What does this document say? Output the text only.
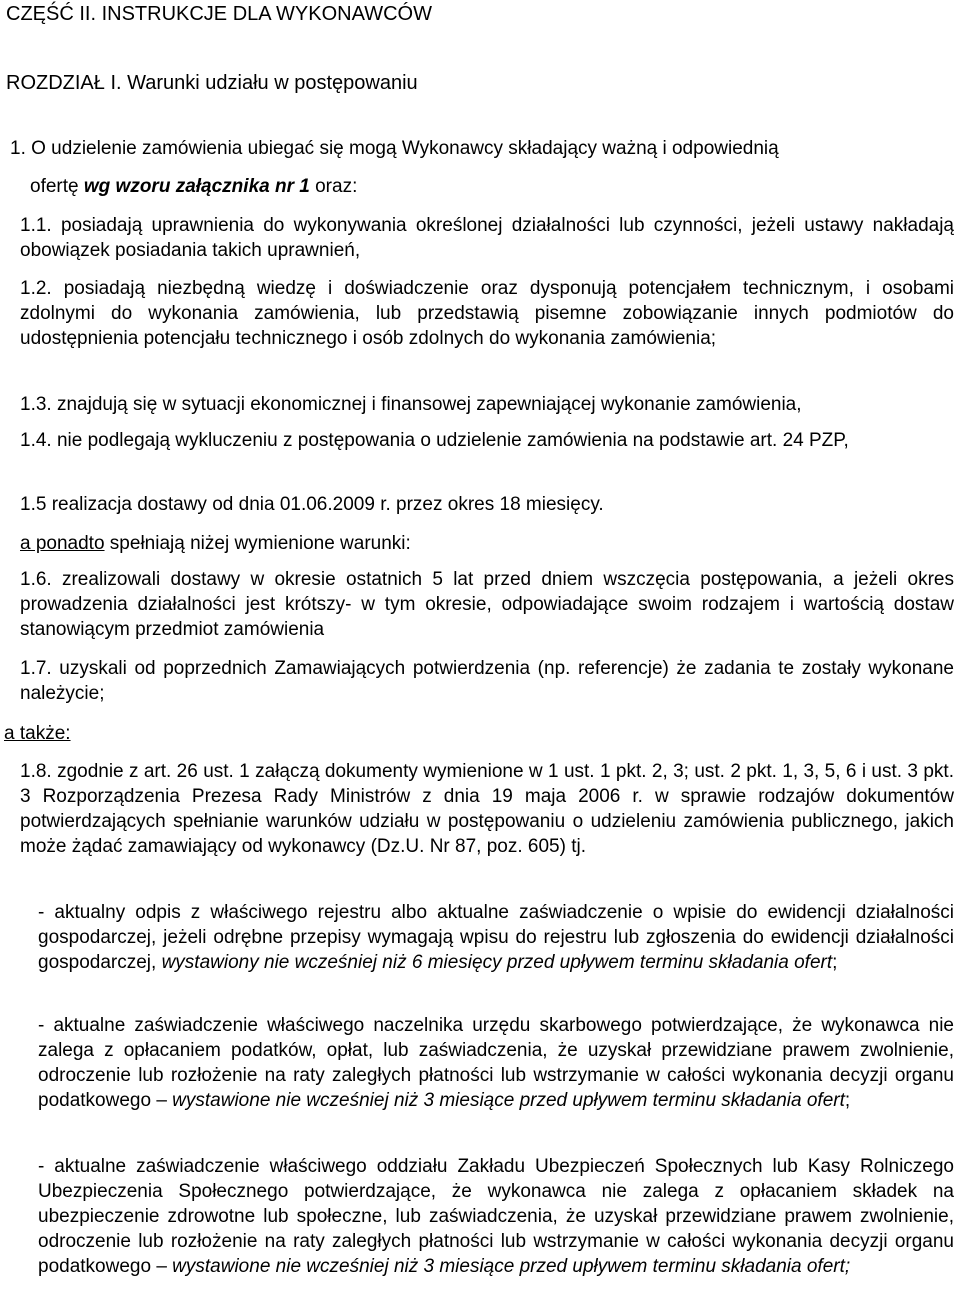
CZĘŚĆ II. INSTRUKCJE DLA WYKONAWCÓW
ROZDZIAŁ I. Warunki udziału w postępowaniu
1. O udzielenie zamówienia ubiegać się mogą Wykonawcy składający ważną i odpowiednią
ofertę wg wzoru załącznika nr 1 oraz:
1.1. posiadają uprawnienia do wykonywania określonej działalności lub czynności, jeżeli ustawy nakładają obowiązek posiadania takich uprawnień,
1.2. posiadają niezbędną wiedzę i doświadczenie oraz dysponują potencjałem technicznym, i osobami zdolnymi do wykonania zamówienia, lub przedstawią pisemne zobowiązanie innych podmiotów do udostępnienia potencjału technicznego i osób zdolnych do wykonania zamówienia;
1.3. znajdują się w sytuacji ekonomicznej i finansowej zapewniającej wykonanie zamówienia,
1.4. nie podlegają wykluczeniu z postępowania o udzielenie zamówienia na podstawie art. 24 PZP,
1.5 realizacja dostawy od dnia 01.06.2009 r. przez okres 18 miesięcy.
a ponadto spełniają niżej wymienione warunki:
1.6. zrealizowali dostawy w okresie ostatnich 5 lat przed dniem wszczęcia postępowania, a jeżeli okres prowadzenia działalności jest krótszy- w tym okresie, odpowiadające swoim rodzajem i wartością dostaw stanowiącym przedmiot zamówienia
1.7. uzyskali od poprzednich Zamawiających potwierdzenia (np. referencje) że zadania te zostały wykonane należycie;
a także:
1.8. zgodnie z art. 26 ust. 1 załączą dokumenty wymienione w 1 ust. 1 pkt. 2, 3; ust. 2 pkt. 1, 3, 5, 6 i ust. 3 pkt. 3 Rozporządzenia Prezesa Rady Ministrów z dnia 19 maja 2006 r. w sprawie rodzajów dokumentów potwierdzających spełnianie warunków udziału w postępowaniu o udzieleniu zamówienia publicznego, jakich może żądać zamawiający od wykonawcy (Dz.U. Nr 87, poz. 605) tj.
- aktualny odpis z właściwego rejestru albo aktualne zaświadczenie o wpisie do ewidencji działalności gospodarczej, jeżeli odrębne przepisy wymagają wpisu do rejestru lub zgłoszenia do ewidencji działalności gospodarczej, wystawiony nie wcześniej niż 6 miesięcy przed upływem terminu składania ofert;
- aktualne zaświadczenie właściwego naczelnika urzędu skarbowego potwierdzające, że wykonawca nie zalega z opłacaniem podatków, opłat, lub zaświadczenia, że uzyskał przewidziane prawem zwolnienie, odroczenie lub rozłożenie na raty zaległych płatności lub wstrzymanie w całości wykonania decyzji organu podatkowego – wystawione nie wcześniej niż 3 miesiące przed upływem terminu składania ofert;
- aktualne zaświadczenie właściwego oddziału Zakładu Ubezpieczeń Społecznych lub Kasy Rolniczego Ubezpieczenia Społecznego potwierdzające, że wykonawca nie zalega z opłacaniem składek na ubezpieczenie zdrowotne lub społeczne, lub zaświadczenia, że uzyskał przewidziane prawem zwolnienie, odroczenie lub rozłożenie na raty zaległych płatności lub wstrzymanie w całości wykonania decyzji organu podatkowego – wystawione nie wcześniej niż 3 miesiące przed upływem terminu składania ofert;
